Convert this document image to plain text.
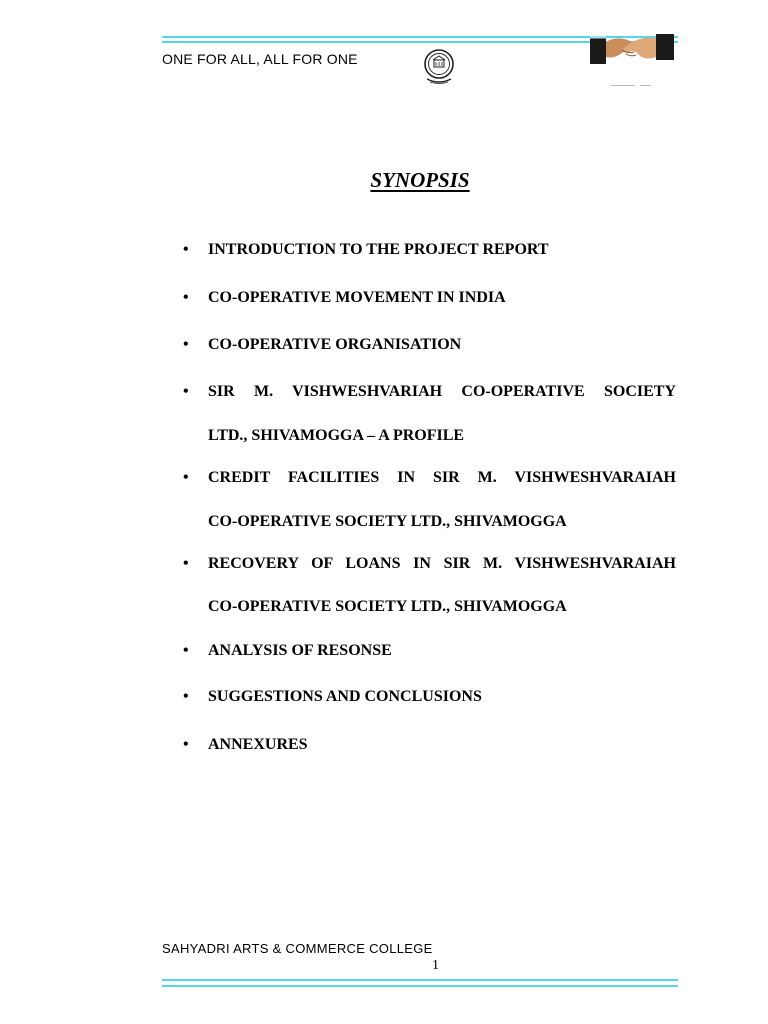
ONE FOR ALL, ALL FOR ONE
SYNOPSIS
• INTRODUCTION TO THE PROJECT REPORT
• CO-OPERATIVE MOVEMENT IN INDIA
• CO-OPERATIVE ORGANISATION
• SIR M. VISHWESHVARIAH CO-OPERATIVE SOCIETY
LTD., SHIVAMOGGA – A PROFILE
• CREDIT FACILITIES IN SIR M. VISHWESHVARAIAH
CO-OPERATIVE SOCIETY LTD., SHIVAMOGGA
• RECOVERY OF LOANS IN SIR M. VISHWESHVARAIAH
CO-OPERATIVE SOCIETY LTD., SHIVAMOGGA
• ANALYSIS OF RESONSE
• SUGGESTIONS AND CONCLUSIONS
• ANNEXURES
SAHYADRI ARTS & COMMERCE COLLEGE
1
